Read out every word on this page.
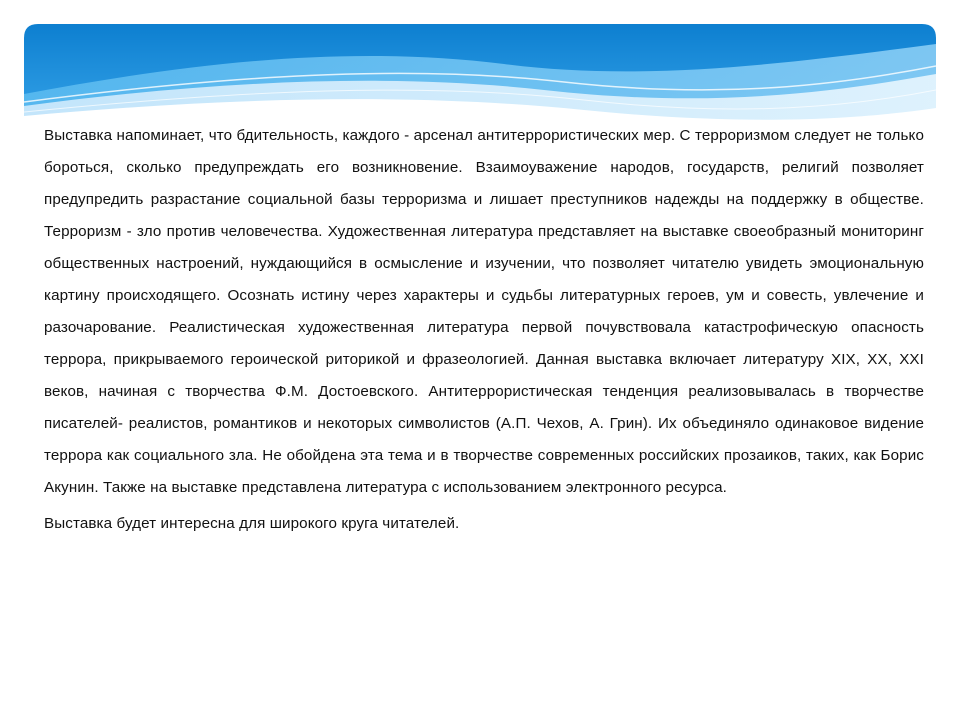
Выставка напоминает, что бдительность, каждого - арсенал антитеррористических мер. С терроризмом следует не только бороться, сколько предупреждать его возникновение. Взаимоуважение народов, государств, религий позволяет предупредить разрастание социальной базы терроризма и лишает преступников надежды на поддержку в обществе. Терроризм - зло против человечества. Художественная литература представляет на выставке своеобразный мониторинг общественных настроений, нуждающийся в осмысление и изучении, что позволяет читателю увидеть эмоциональную картину происходящего. Осознать истину через характеры и судьбы литературных героев, ум и совесть, увлечение и разочарование. Реалистическая художественная литература первой почувствовала катастрофическую опасность террора, прикрываемого героической риторикой и фразеологией. Данная выставка включает литературу XIX, XX, XXI веков, начиная с творчества Ф.М. Достоевского. Антитеррористическая тенденция реализовывалась в творчестве писателей- реалистов, романтиков и некоторых символистов (А.П. Чехов, А. Грин). Их объединяло одинаковое видение террора как социального зла. Не обойдена эта тема и в творчестве современных российских прозаиков, таких, как Борис Акунин. Также на выставке представлена литература с использованием электронного ресурса.

Выставка будет интересна для широкого круга читателей.
